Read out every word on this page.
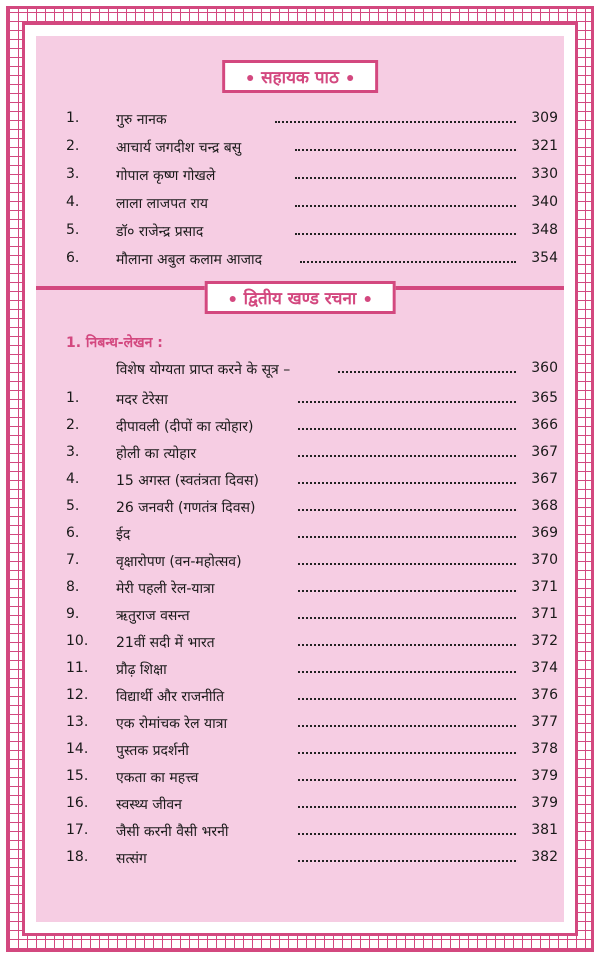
सहायक पाठ
1.	गुरु नानक	309
2.	आचार्य जगदीश चन्द्र बसु	321
3.	गोपाल कृष्ण गोखले	330
4.	लाला लाजपत राय	340
5.	डॉ० राजेन्द्र प्रसाद	348
6.	मौलाना अबुल कलाम आजाद	354
द्वितीय खण्ड रचना
1. निबन्ध-लेखन :
विशेष योग्यता प्राप्त करने के सूत्र –	360
1.	मदर टेरेसा	365
2.	दीपावली (दीपों का त्योहार)	366
3.	होली का त्योहार	367
4.	15 अगस्त (स्वतंत्रता दिवस)	367
5.	26 जनवरी (गणतंत्र दिवस)	368
6.	ईद	369
7.	वृक्षारोपण (वन-महोत्सव)	370
8.	मेरी पहली रेल-यात्रा	371
9.	ऋतुराज वसन्त	371
10. 21वीं सदी में भारत	372
11. प्रौढ़ शिक्षा	374
12. विद्यार्थी और राजनीति	376
13. एक रोमांचक रेल यात्रा	377
14. पुस्तक प्रदर्शनी	378
15. एकता का महत्त्व	379
16. स्वस्थ्य जीवन	379
17. जैसी करनी वैसी भरनी	381
18. सत्संग	382
